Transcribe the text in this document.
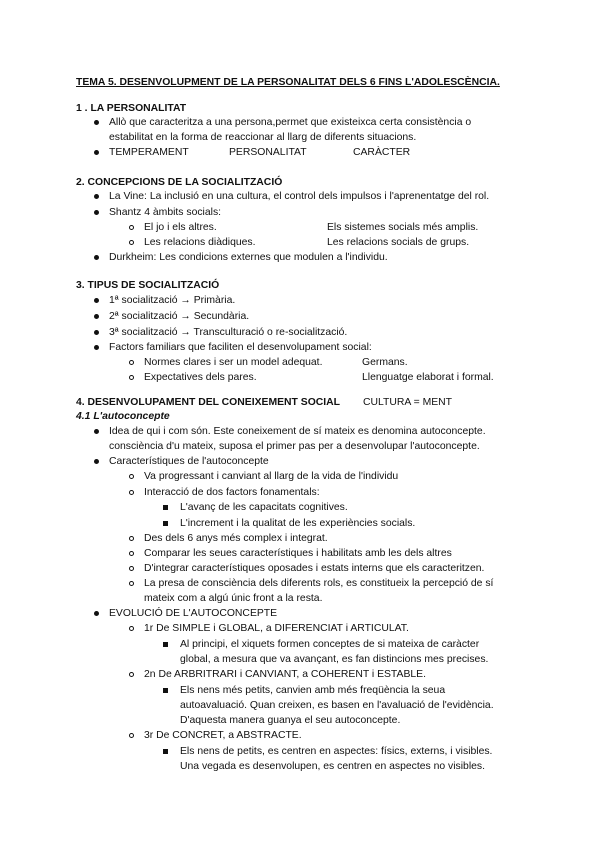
TEMA 5. DESENVOLUPMENT DE LA PERSONALITAT DELS 6 FINS L'ADOLESCÈNCIA.
1 . LA PERSONALITAT
Allò que caracteritza a una persona,permet que existeixca certa consistència o
estabilitat en la forma de reaccionar al llarg de diferents situacions.
TEMPERAMENT	PERSONALITAT	CARÀCTER
2. CONCEPCIONS DE LA SOCIALITZACIÓ
La Vine: La inclusió en una cultura, el control dels impulsos i l'aprenentatge del rol.
Shantz 4 àmbits socials:
El jo i els altres.	Els sistemes socials més amplis.
Les relacions diàdiques.	Les relacions socials de grups.
Durkheim: Les condicions externes que modulen a l'individu.
3. TIPUS DE SOCIALITZACIÓ
1ª socialització → Primària.
2ª socialització → Secundària.
3ª socialització → Transculturació o re-socialització.
Factors familiars que faciliten el desenvolupament social:
Normes clares i ser un model adequat.	Germans.
Expectatives dels pares.	Llenguatge elaborat i formal.
4. DESENVOLUPAMENT DEL CONEIXEMENT SOCIAL CULTURA = MENT
4.1 L'autoconcepte
Idea de qui i com són. Este coneixement de sí mateix es denomina autoconcepte.
consciència d'u mateix, suposa el primer pas per a desenvolupar l'autoconcepte.
Característiques de l'autoconcepte
Va progressant i canviant al llarg de la vida de l'individu
Interacció de dos factors fonamentals:
L'avanç de les capacitats cognitives.
L'increment i la qualitat de les experiències socials.
Des dels 6 anys més complex i integrat.
Comparar les seues característiques i habilitats amb les dels altres
D'integrar característiques oposades i estats interns que els caracteritzen.
La presa de consciència dels diferents rols, es constitueix la percepció de sí
mateix com a algú únic front a la resta.
EVOLUCIÓ DE L'AUTOCONCEPTE
1r De SIMPLE i GLOBAL, a DIFERENCIAT i ARTICULAT.
Al principi, el xiquets formen conceptes de si mateixa de caràcter
global, a mesura que va avançant, es fan distincions mes precises.
2n De ARBRITRARI i CANVIANT, a COHERENT i ESTABLE.
Els nens més petits, canvien amb més freqüència la seua
autoavaluació. Quan creixen, es basen en l'avaluació de l'evidència.
D'aquesta manera guanya el seu autoconcepte.
3r De CONCRET, a ABSTRACTE.
Els nens de petits, es centren en aspectes: físics, externs, i visibles.
Una vegada es desenvolupen, es centren en aspectes no visibles.
